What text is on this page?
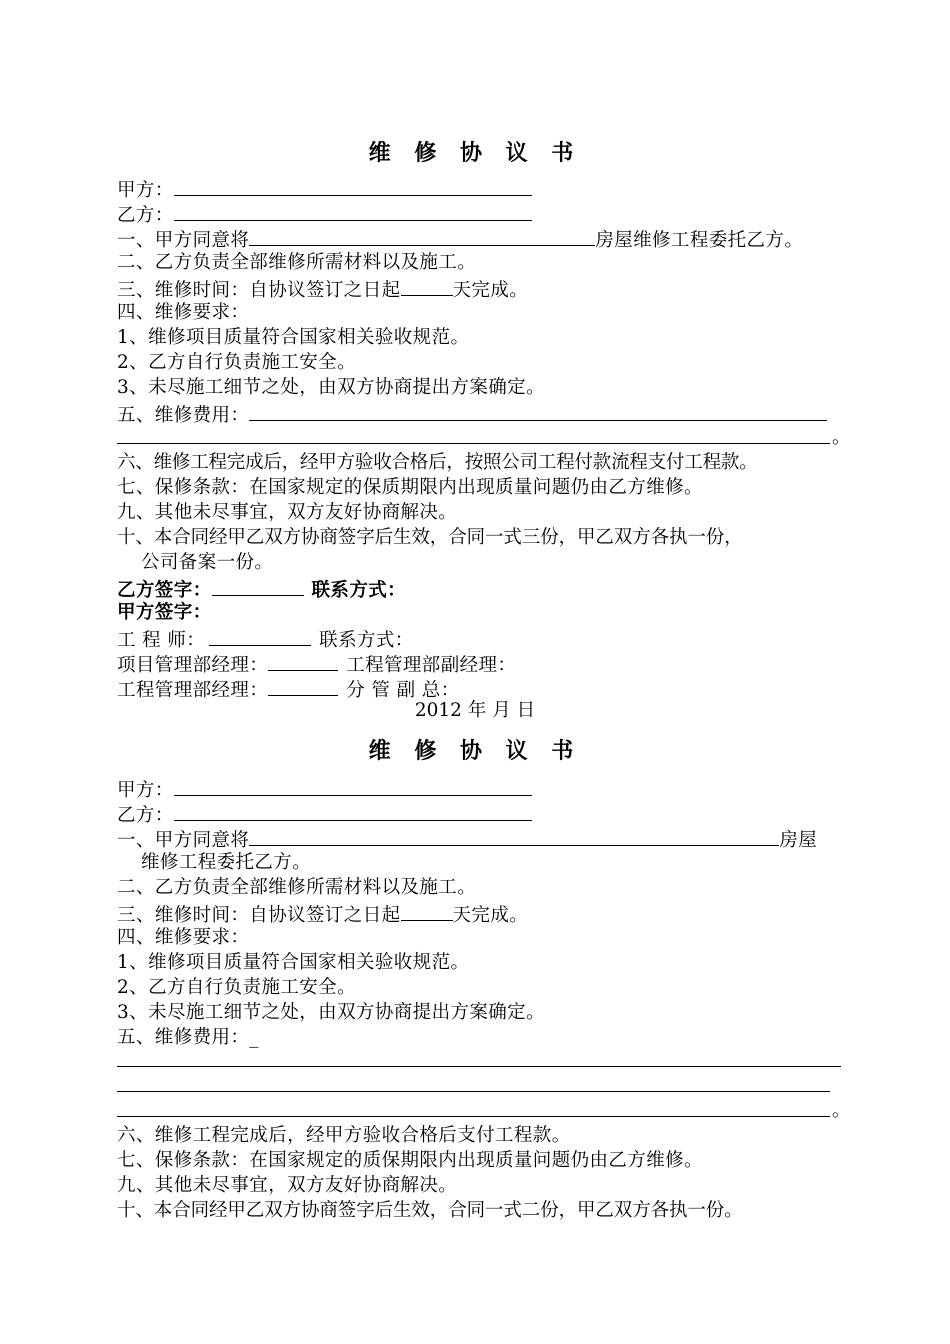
维 修 协 议 书
甲方：
乙方：
一、甲方同意将	房屋维修工程委托乙方。
二、乙方负责全部维修所需材料以及施工。
三、维修时间：自协议签订之日起	天完成。
四、维修要求：
1、维修项目质量符合国家相关验收规范。
2、乙方自行负责施工安全。
3、未尽施工细节之处，由双方协商提出方案确定。
五、维修费用：
。
六、维修工程完成后，经甲方验收合格后，按照公司工程付款流程支付工程款。
七、保修条款：在国家规定的保质期限内出现质量问题仍由乙方维修。
九、其他未尽事宜，双方友好协商解决。
十、本合同经甲乙双方协商签字后生效，合同一式三份，甲乙双方各执一份，
公司备案一份。
乙方签字：	联系方式：
甲方签字：
工 程 师：	联系方式：
项目管理部经理：	工程管理部副经理：
工程管理部经理：	分 管 副 总：
2012 年 月 日
维 修 协 议 书
甲方：
乙方：
一、甲方同意将	房屋
维修工程委托乙方。
二、乙方负责全部维修所需材料以及施工。
三、维修时间：自协议签订之日起	天完成。
四、维修要求：
1、维修项目质量符合国家相关验收规范。
2、乙方自行负责施工安全。
3、未尽施工细节之处，由双方协商提出方案确定。
五、维修费用：_
。
六、维修工程完成后，经甲方验收合格后支付工程款。
七、保修条款：在国家规定的质保期限内出现质量问题仍由乙方维修。
九、其他未尽事宜，双方友好协商解决。
十、本合同经甲乙双方协商签字后生效，合同一式二份，甲乙双方各执一份。
